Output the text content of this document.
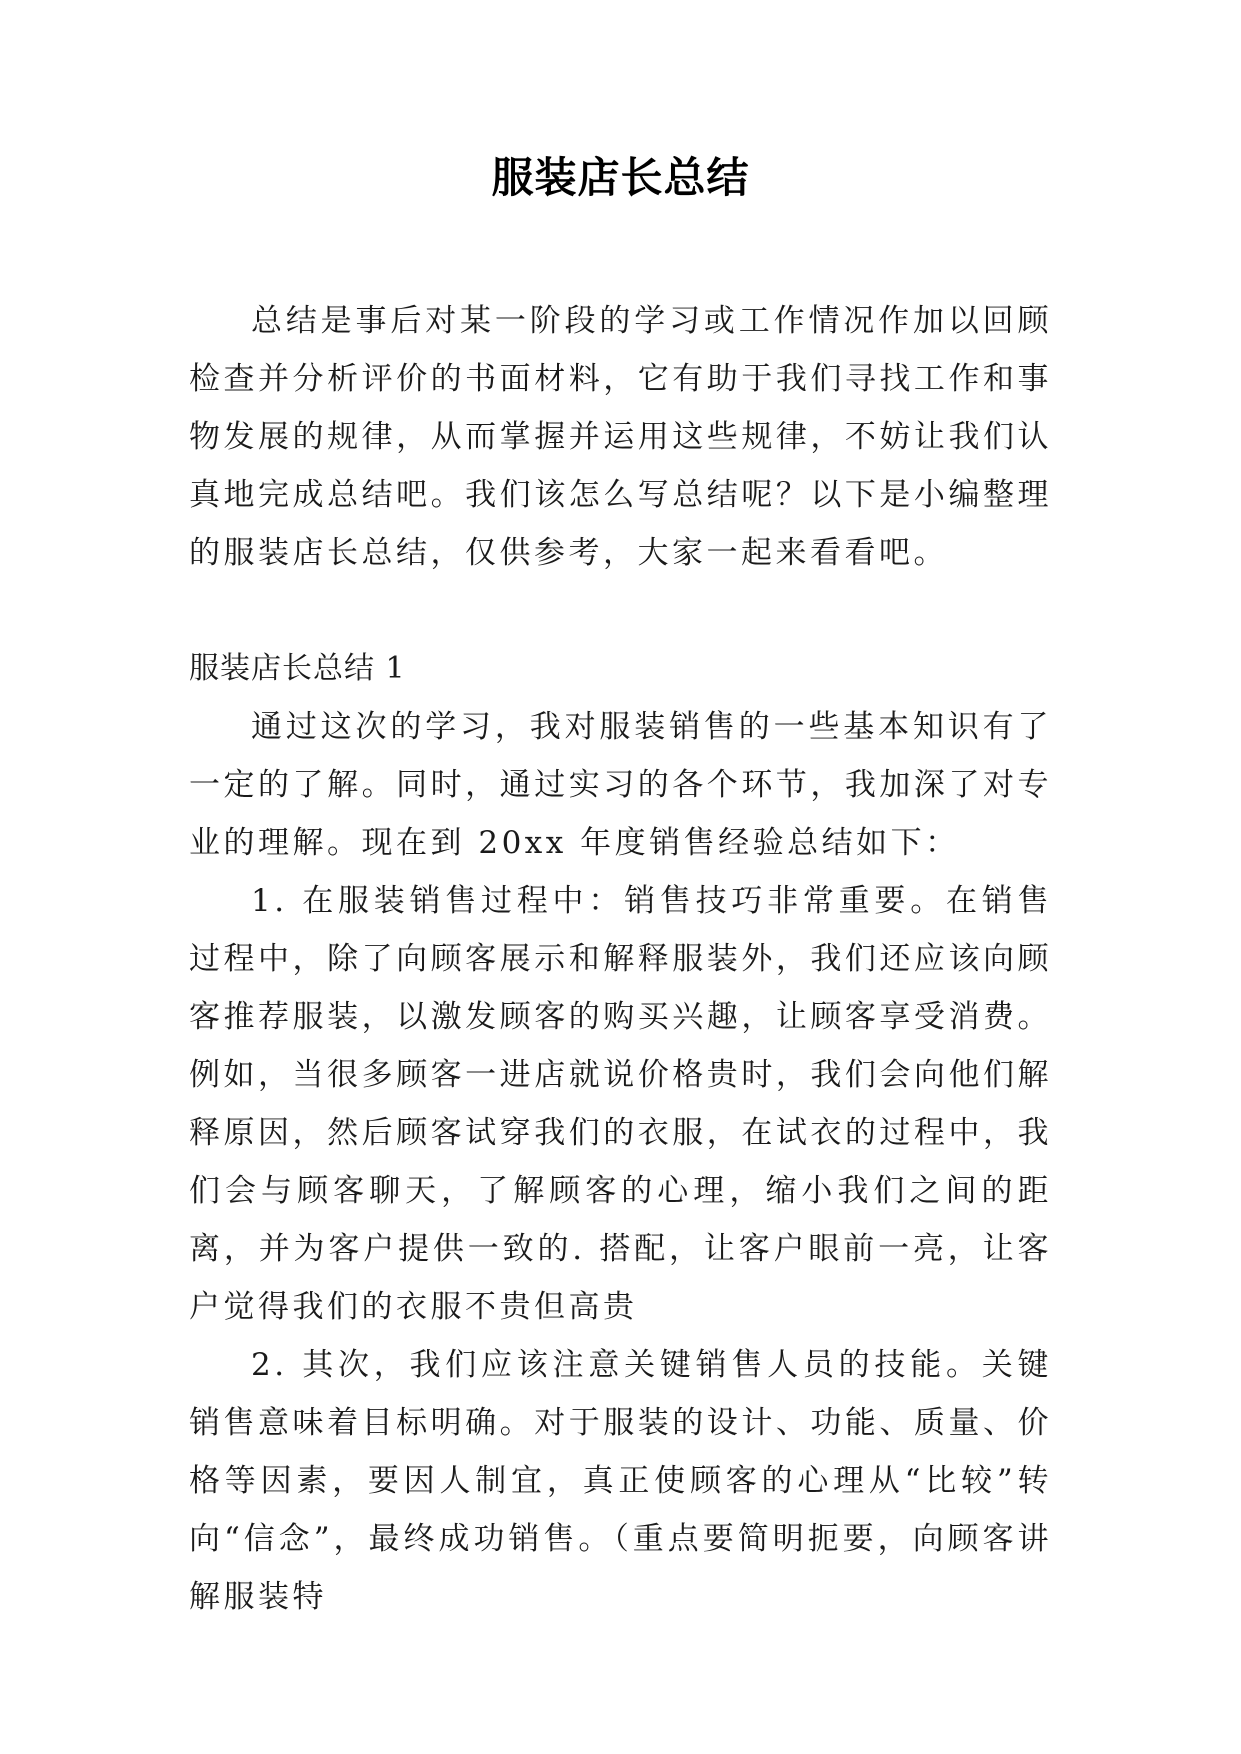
服装店长总结

总结是事后对某一阶段的学习或工作情况作加以回顾检查并分析评价的书面材料，它有助于我们寻找工作和事物发展的规律，从而掌握并运用这些规律，不妨让我们认真地完成总结吧。我们该怎么写总结呢？以下是小编整理的服装店长总结，仅供参考，大家一起来看看吧。

服装店长总结 1

通过这次的学习，我对服装销售的一些基本知识有了一定的了解。同时，通过实习的各个环节，我加深了对专业的理解。现在到 20xx 年度销售经验总结如下：

1. 在服装销售过程中：销售技巧非常重要。在销售过程中，除了向顾客展示和解释服装外，我们还应该向顾客推荐服装，以激发顾客的购买兴趣，让顾客享受消费。例如，当很多顾客一进店就说价格贵时，我们会向他们解释原因，然后顾客试穿我们的衣服，在试衣的过程中，我们会与顾客聊天，了解顾客的心理，缩小我们之间的距离，并为客户提供一致的. 搭配，让客户眼前一亮，让客户觉得我们的衣服不贵但高贵

2. 其次，我们应该注意关键销售人员的技能。关键销售意味着目标明确。对于服装的设计、功能、质量、价格等因素，要因人制宜，真正使顾客的心理从“比较”转向“信念”，最终成功销售。（重点要简明扼要，向顾客讲解服装特
